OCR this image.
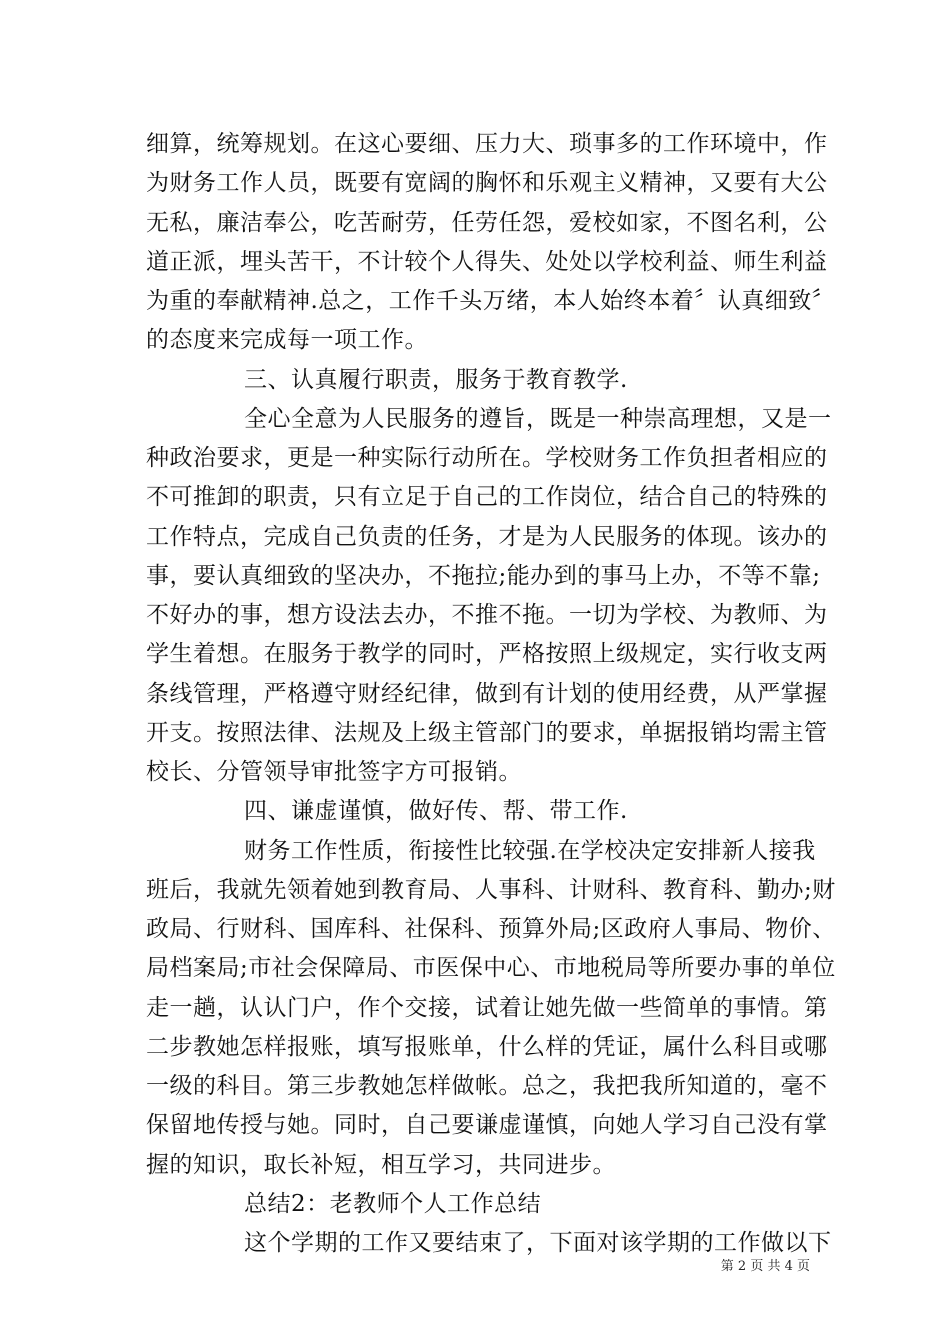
细算，统筹规划。在这心要细、压力大、琐事多的工作环境中，作
为财务工作人员，既要有宽阔的胸怀和乐观主义精神，又要有大公
无私，廉洁奉公，吃苦耐劳，任劳任怨，爱校如家，不图名利，公
道正派，埋头苦干，不计较个人得失、处处以学校利益、师生利益
为重的奉献精神.总之，工作千头万绪，本人始终本着〞认真细致〞
的态度来完成每一项工作。
三、认真履行职责，服务于教育教学.
全心全意为人民服务的遵旨，既是一种崇高理想，又是一
种政治要求，更是一种实际行动所在。学校财务工作负担者相应的
不可推卸的职责，只有立足于自己的工作岗位，结合自己的特殊的
工作特点，完成自己负责的任务，才是为人民服务的体现。该办的
事，要认真细致的坚决办，不拖拉;能办到的事马上办，不等不靠;
不好办的事，想方设法去办，不推不拖。一切为学校、为教师、为
学生着想。在服务于教学的同时，严格按照上级规定，实行收支两
条线管理，严格遵守财经纪律，做到有计划的使用经费，从严掌握
开支。按照法律、法规及上级主管部门的要求，单据报销均需主管
校长、分管领导审批签字方可报销。
四、谦虚谨慎，做好传、帮、带工作.
财务工作性质，衔接性比较强.在学校决定安排新人接我
班后，我就先领着她到教育局、人事科、计财科、教育科、勤办;财
政局、行财科、国库科、社保科、预算外局;区政府人事局、物价、
局档案局;市社会保障局、市医保中心、市地税局等所要办事的单位
走一趟，认认门户，作个交接，试着让她先做一些简单的事情。第
二步教她怎样报账，填写报账单，什么样的凭证，属什么科目或哪
一级的科目。第三步教她怎样做帐。总之，我把我所知道的，毫不
保留地传授与她。同时，自己要谦虚谨慎，向她人学习自己没有掌
握的知识，取长补短，相互学习，共同进步。
总结2：老教师个人工作总结
这个学期的工作又要结束了，下面对该学期的工作做以下
第 2 页 共 4 页
